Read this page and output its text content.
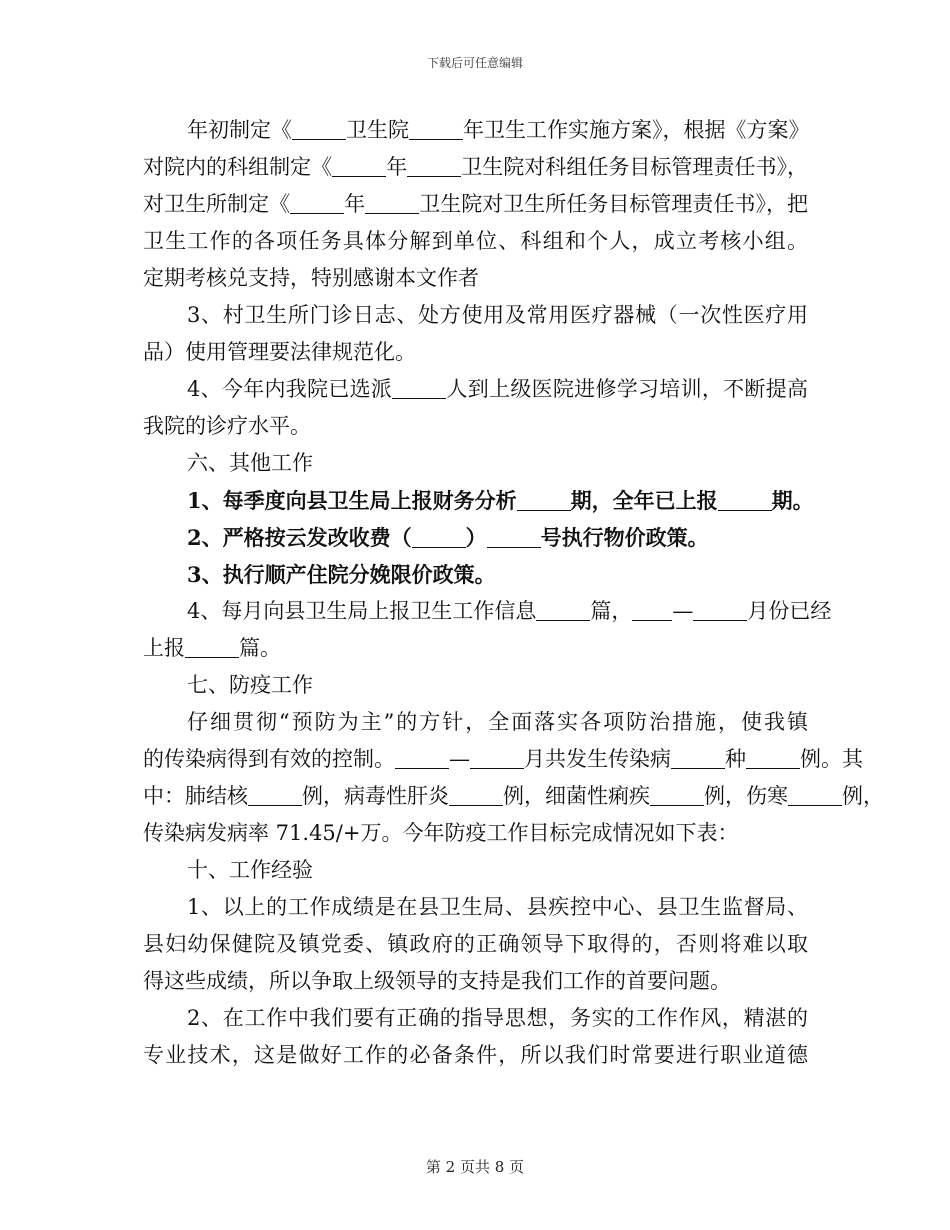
下载后可任意编辑
年初制定《	卫生院	年卫生工作实施方案》，根据《方案》
对院内的科组制定《	年	卫生院对科组任务目标管理责任书》，
对卫生所制定《	年	卫生院对卫生所任务目标管理责任书》，把
卫生工作的各项任务具体分解到单位、科组和个人，成立考核小组。
定期考核兑支持，特别感谢本文作者
3、村卫生所门诊日志、处方使用及常用医疗器械（一次性医疗用
品）使用管理要法律规范化。
4、今年内我院已选派	人到上级医院进修学习培训，不断提高
我院的诊疗水平。
六、其他工作
1、每季度向县卫生局上报财务分析	期，全年已上报	期。
2、严格按云发改收费（	）	号执行物价政策。
3、执行顺产住院分娩限价政策。
4、每月向县卫生局上报卫生工作信息	篇， —	月份已经
上报	篇。
七、防疫工作
仔细贯彻“预防为主”的方针，全面落实各项防治措施，使我镇
的传染病得到有效的控制。	—	月共发生传染病	种	例。其
中：肺结核	例，病毒性肝炎	例，细菌性痢疾	例，伤寒	例，
传染病发病率 71.45/+万。今年防疫工作目标完成情况如下表：
十、工作经验
1、以上的工作成绩是在县卫生局、县疾控中心、县卫生监督局、
县妇幼保健院及镇党委、镇政府的正确领导下取得的，否则将难以取
得这些成绩，所以争取上级领导的支持是我们工作的首要问题。
2、在工作中我们要有正确的指导思想，务实的工作作风，精湛的
专业技术，这是做好工作的必备条件，所以我们时常要进行职业道德
第 2 页共 8 页
